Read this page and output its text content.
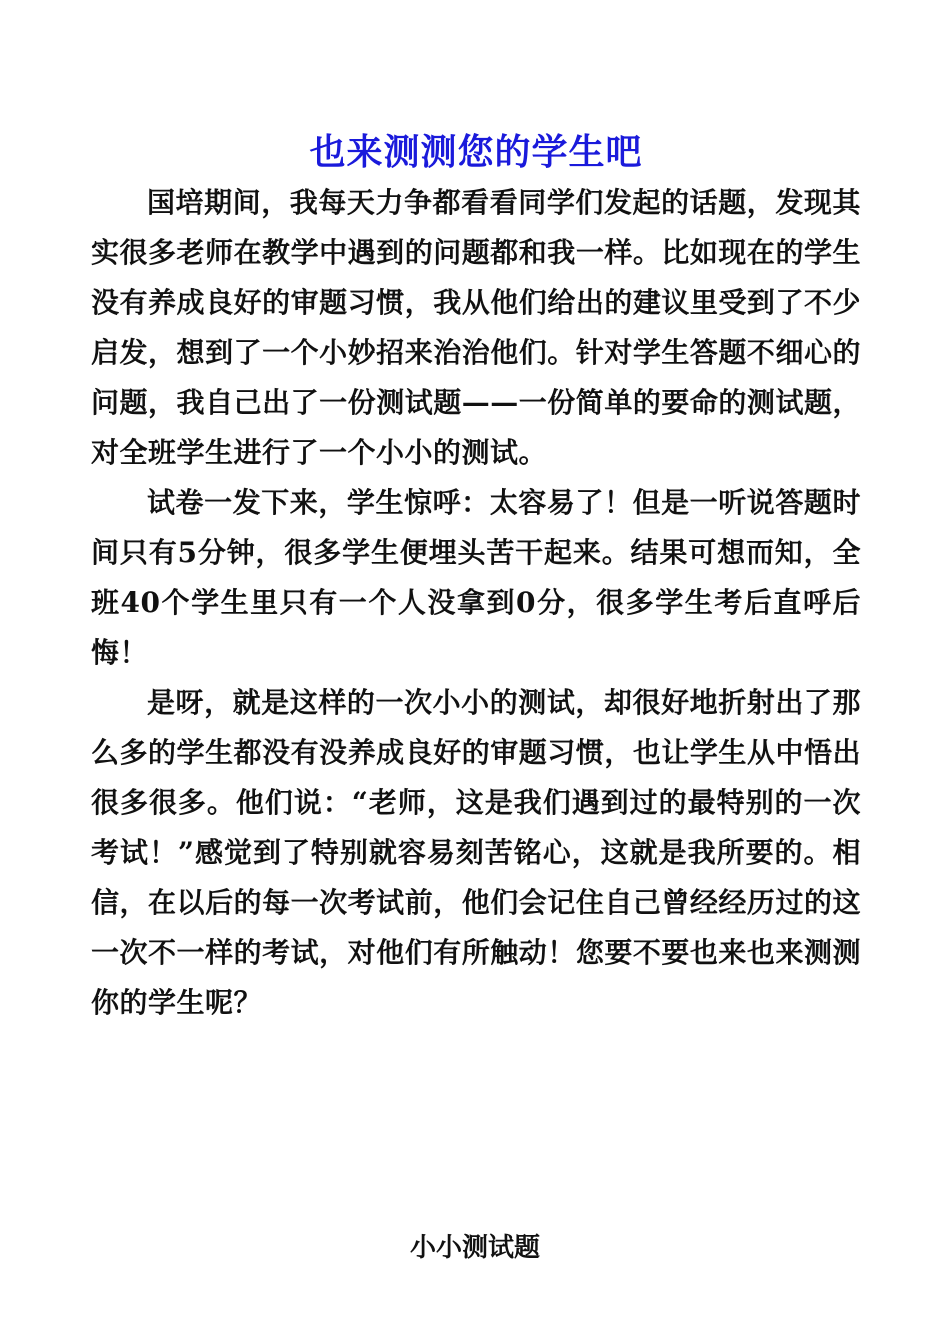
也来测测您的学生吧

国培期间，我每天力争都看看同学们发起的话题，发现其实很多老师在教学中遇到的问题都和我一样。比如现在的学生没有养成良好的审题习惯，我从他们给出的建议里受到了不少启发，想到了一个小妙招来治治他们。针对学生答题不细心的问题，我自己出了一份测试题——一份简单的要命的测试题，对全班学生进行了一个小小的测试。

试卷一发下来，学生惊呼：太容易了！但是一听说答题时间只有5分钟，很多学生便埋头苦干起来。结果可想而知，全班40个学生里只有一个人没拿到0分，很多学生考后直呼后悔！

是呀，就是这样的一次小小的测试，却很好地折射出了那么多的学生都没有没养成良好的审题习惯，也让学生从中悟出很多很多。他们说：“老师，这是我们遇到过的最特别的一次考试！”感觉到了特别就容易刻苦铭心，这就是我所要的。相信，在以后的每一次考试前，他们会记住自己曾经经历过的这一次不一样的考试，对他们有所触动！您要不要也来也来测测你的学生呢？

小小测试题
